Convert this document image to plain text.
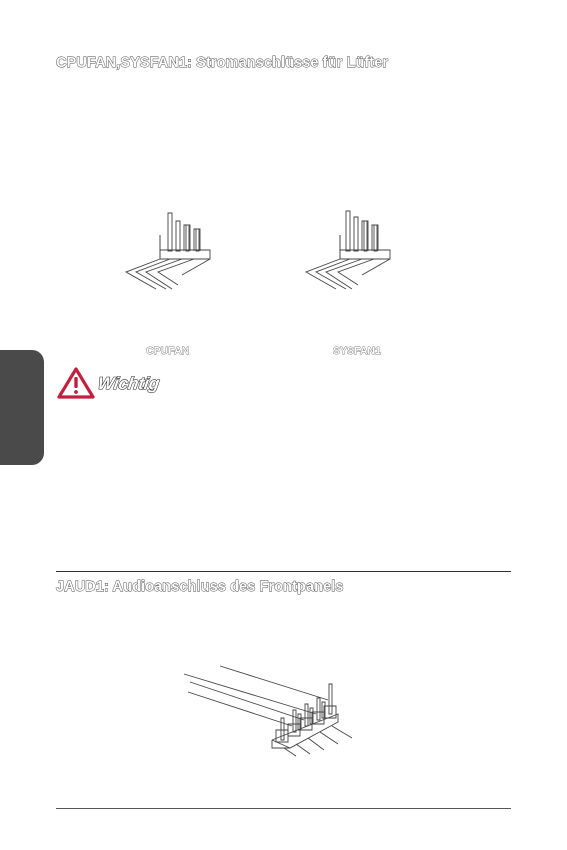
CPUFAN,SYSFAN1: Stromanschlüsse für Lüfter
CPUFAN	SYSFAN1
Wichtig
JAUD1: Audioanschluss des Frontpanels
